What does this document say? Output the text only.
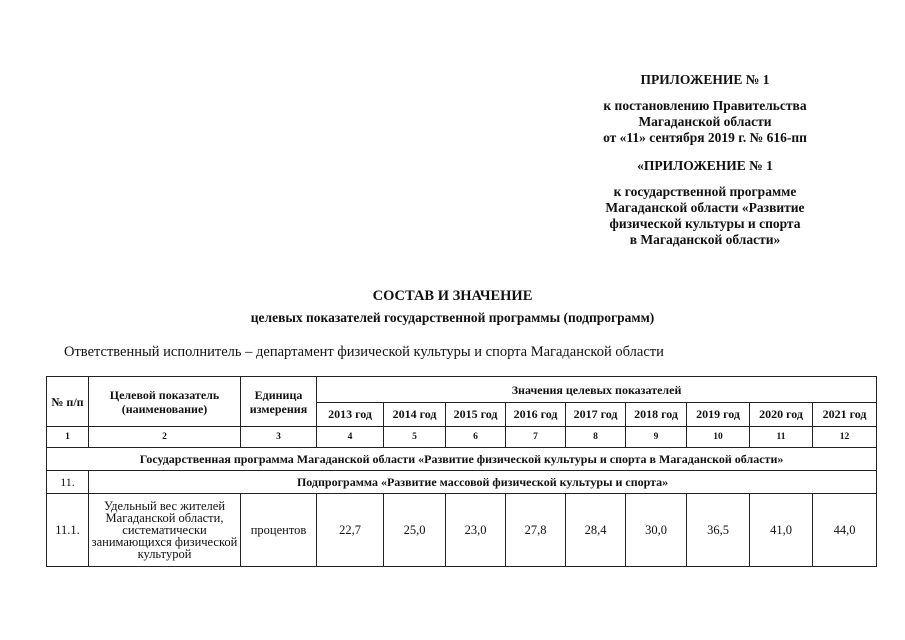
ПРИЛОЖЕНИЕ № 1
к постановлению Правительства
Магаданской области
от «11» сентября 2019 г. № 616-пп
«ПРИЛОЖЕНИЕ № 1
к государственной программе
Магаданской области «Развитие
физической культуры и спорта
в Магаданской области»
СОСТАВ И ЗНАЧЕНИЕ
целевых показателей государственной программы (подпрограмм)
Ответственный исполнитель – департамент физической культуры и спорта Магаданской области
№ п/п	Целевой показатель (наименование)	Единица измерения	Значения целевых показателей								
			2013 год	2014 год	2015 год	2016 год	2017 год	2018 год	2019 год	2020 год	2021 год
1	2	3	4	5	6	7	8	9	10	11	12
Государственная программа Магаданской области «Развитие физической культуры и спорта в Магаданской области»											
11.	Подпрограмма «Развитие массовой физической культуры и спорта»										
11.1.	Удельный вес жителей Магаданской области, систематически занимающихся физической культурой	процентов	22,7	25,0	23,0	27,8	28,4	30,0	36,5	41,0	44,0
